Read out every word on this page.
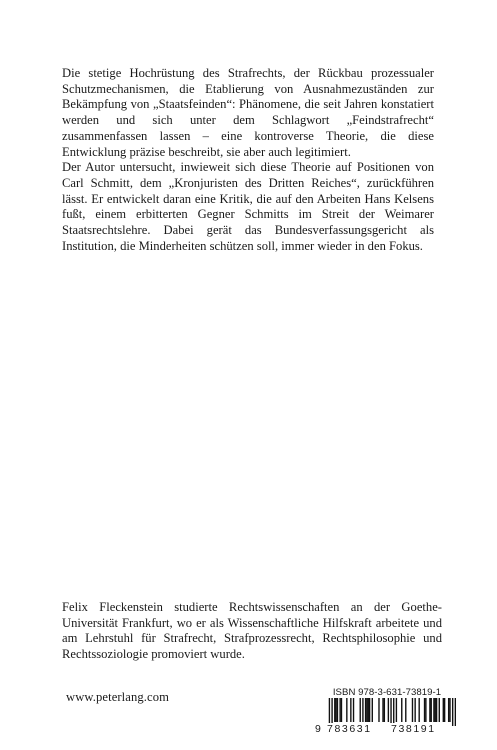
Die stetige Hochrüstung des Strafrechts, der Rückbau prozessualer Schutzmechanismen, die Etablierung von Ausnahmezuständen zur Bekämpfung von „Staatsfeinden“: Phänomene, die seit Jahren konstatiert werden und sich unter dem Schlagwort „Feindstrafrecht“ zusammenfassen lassen – eine kontroverse Theorie, die diese Entwicklung präzise beschreibt, sie aber auch legitimiert.

Der Autor untersucht, inwieweit sich diese Theorie auf Positionen von Carl Schmitt, dem „Kronjuristen des Dritten Reiches“, zurückführen lässt. Er entwickelt daran eine Kritik, die auf den Arbeiten Hans Kelsens fußt, einem erbitterten Gegner Schmitts im Streit der Weimarer Staatsrechtslehre. Dabei gerät das Bundesverfassungsgericht als Institution, die Minderheiten schützen soll, immer wieder in den Fokus.

Felix Fleckenstein studierte Rechtswissenschaften an der Goethe-Universität Frankfurt, wo er als Wissenschaftliche Hilfskraft arbeitete und am Lehrstuhl für Strafrecht, Strafprozessrecht, Rechtsphilosophie und Rechtssoziologie promoviert wurde.

www.peterlang.com	ISBN 978-3-631-73819-1
9 783631 738191
